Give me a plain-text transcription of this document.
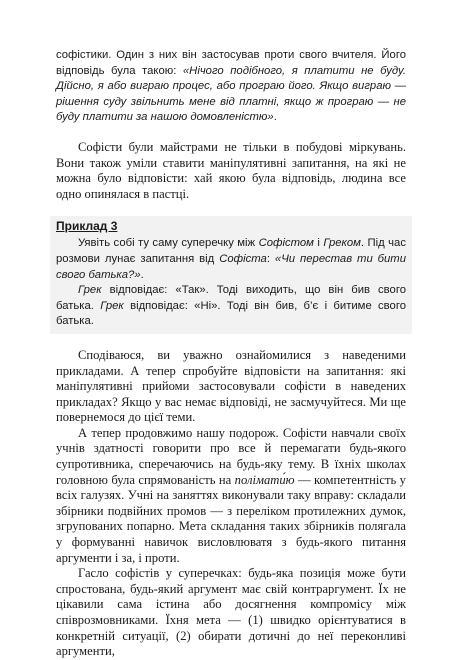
софістики. Один з них він застосував проти свого вчителя. Його відповідь була такою: «Нічого подібного, я платити не буду. Дійсно, я або виграю процес, або програю його. Якщо виграю — рішення суду звільнить мене від платні, якщо ж програю — не буду платити за нашою домовленістю».

Софісти були майстрами не тільки в побудові міркувань. Вони також уміли ставити маніпулятивні запитання, на які не можна було відповісти: хай якою була відповідь, людина все одно опинялася в пастці.

Приклад 3

Уявіть собі ту саму суперечку між Софістом і Греком. Під час розмови лунає запитання від Софіста: «Чи перестав ти бити свого батька?».

Грек відповідає: «Так». Тоді виходить, що він бив свого батька. Грек відповідає: «Ні». Тоді він бив, б’є і битиме свого батька.

Сподіваюся, ви уважно ознайомилися з наведеними прикладами. А тепер спробуйте відповісти на запитання: які маніпулятивні прийоми застосовували софісти в наведених прикладах? Якщо у вас немає відповіді, не засмучуйтеся. Ми ще повернемося до цієї теми.

А тепер продовжимо нашу подорож. Софісти навчали своїх учнів здатності говорити про все й перемагати будь-якого супротивника, сперечаючись на будь-яку тему. В їхніх школах головною була спрямованість на полімати́ю — компетентність у всіх галузях. Учні на заняттях виконували таку вправу: складали збірники подвійних промов — з переліком протилежних думок, згрупованих попарно. Мета складання таких збірників полягала у формуванні навичок висловлюватя з будь-якого питання аргументи і за, і проти.

Гасло софістів у суперечках: будь-яка позиція може бути спростована, будь-який аргумент має свій контраргумент. Їх не цікавили сама істина або досягнення компромісу між співрозмовниками. Їхня мета — (1) швидко орієнтуватися в конкретній ситуації, (2) обирати дотичні до неї переконливі аргументи,
